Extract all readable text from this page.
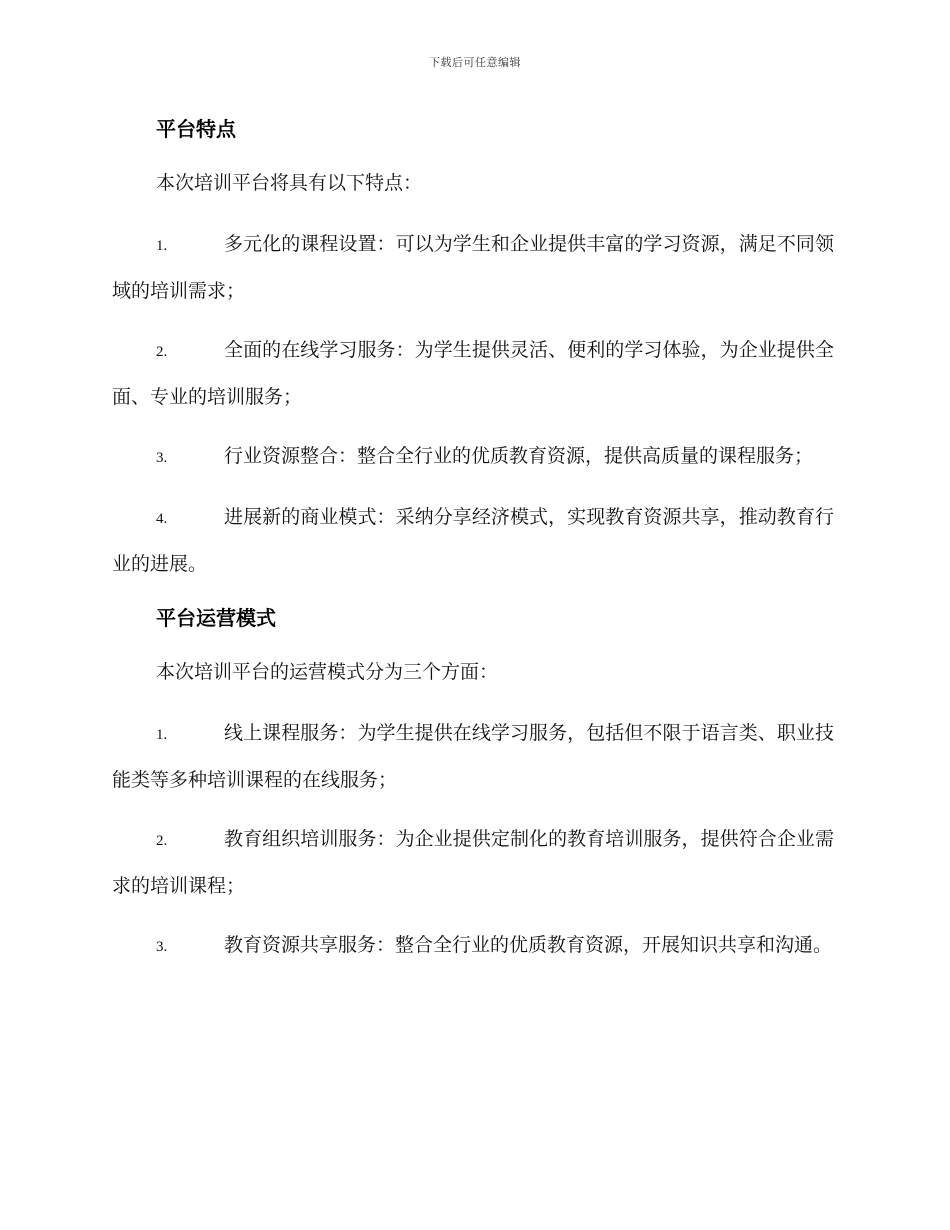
下载后可任意编辑
平台特点

本次培训平台将具有以下特点：

1.	多元化的课程设置：可以为学生和企业提供丰富的学习资源，满足不同领域的培训需求；

2.	全面的在线学习服务：为学生提供灵活、便利的学习体验，为企业提供全面、专业的培训服务；

3.	行业资源整合：整合全行业的优质教育资源，提供高质量的课程服务；

4.	进展新的商业模式：采纳分享经济模式，实现教育资源共享，推动教育行业的进展。

平台运营模式

本次培训平台的运营模式分为三个方面：

1.	线上课程服务：为学生提供在线学习服务，包括但不限于语言类、职业技能类等多种培训课程的在线服务；

2.	教育组织培训服务：为企业提供定制化的教育培训服务，提供符合企业需求的培训课程；

3.	教育资源共享服务：整合全行业的优质教育资源，开展知识共享和沟通。
